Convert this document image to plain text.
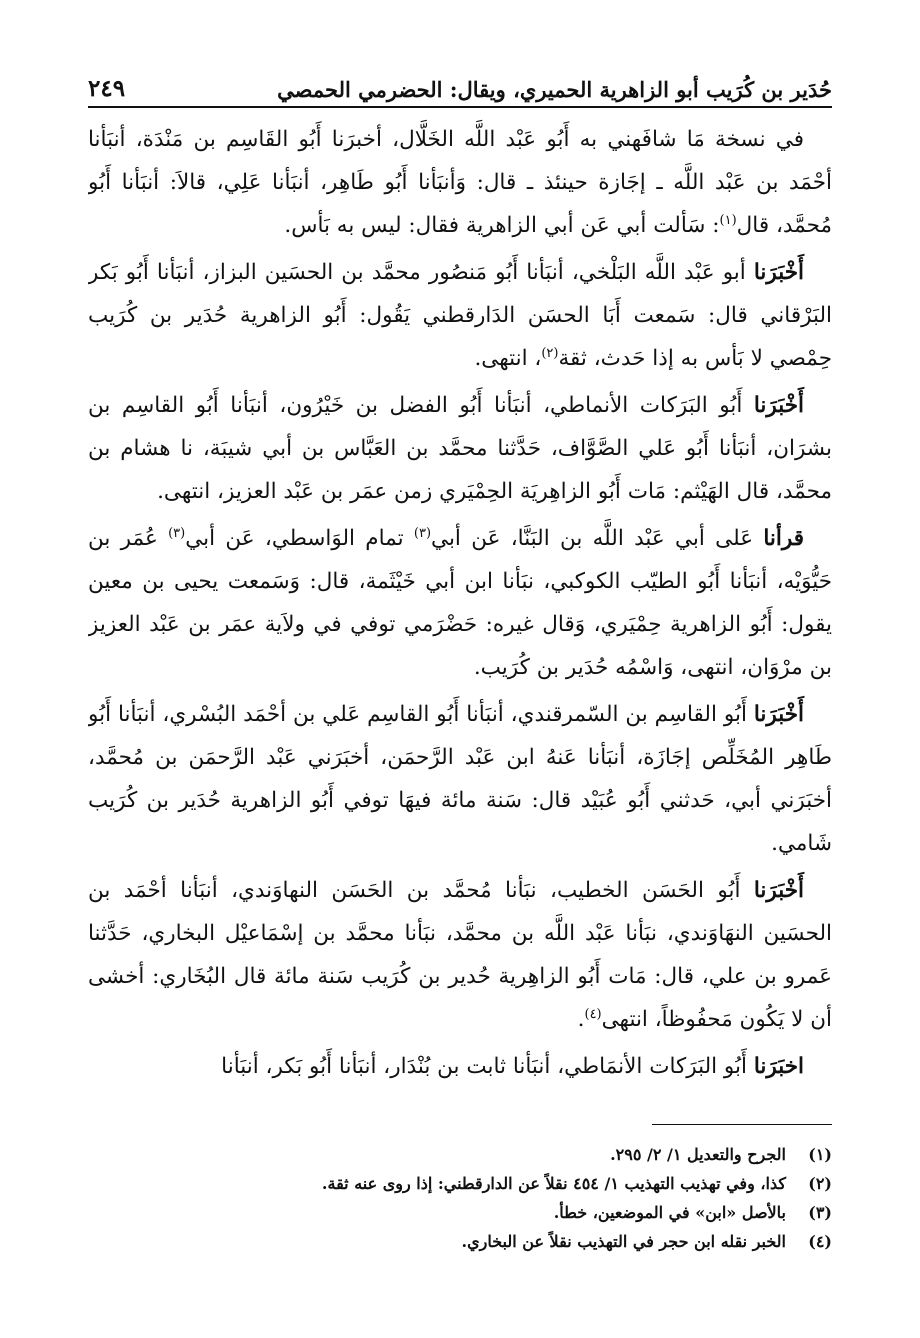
حُدَير بن كُرَيب أبو الزاهرية الحميري، ويقال: الحضرمي الحمصي
٢٤٩

في نسخة مَا شافَهني به أَبُو عَبْد اللَّه الخَلَّال، أخبرَنا أَبُو القَاسِم بن مَنْدَة، أنبَأنا أحْمَد بن عَبْد اللَّه ـ إجَازة حينئذ ـ قال: وَأنبَأنا أَبُو طَاهِر، أنبَأنا عَلِي، قالاَ: أنبَأنا أَبُو مُحمَّد، قال$^{(١)}$: سَألت أبي عَن أبي الزاهرية فقال: ليس به بَأس.

أَخْبَرَنا أبو عَبْد اللَّه البَلْخي، أنبَأنا أَبُو مَنصُور محمَّد بن الحسَين البزاز، أنبَأنا أَبُو بَكر البَرْقاني قال: سَمعت أَبَا الحسَن الدَارقطني يَقُول: أَبُو الزاهرية حُدَير بن كُرَيب حِمْصي لا بَأس به إذا حَدث، ثقة$^{(٢)}$، انتهى.

أَخْبَرَنا أَبُو البَرَكات الأنماطي، أنبَأنا أَبُو الفضل بن خَيْرُون، أنبَأنا أَبُو القاسِم بن بشرَان، أنبَأنا أَبُو عَلي الصَّوَّاف، حَدَّثنا محمَّد بن العَبَّاس بن أبي شيبَة، نا هشام بن محمَّد، قال الهَيْثم: مَات أَبُو الزاهِريَة الحِمْيَري زمن عمَر بن عَبْد العزيز، انتهى.

قرأنا عَلى أبي عَبْد اللَّه بن البَنَّا، عَن أبي$^{(٣)}$ تمام الوَاسطي، عَن أبي$^{(٣)}$ عُمَر بن حَيُّوَيْه، أنبَأنا أَبُو الطيّب الكوكبي، نبَأنا ابن أبي خَيْثَمة، قال: وَسَمعت يحيى بن معين يقول: أَبُو الزاهرية حِمْيَري، وَقال غيره: حَضْرَمي توفي في ولاَية عمَر بن عَبْد العزيز بن مرْوَان، انتهى، وَاسْمُه حُدَير بن كُرَيب.

أَخْبَرَنا أَبُو القاسِم بن السّمرقندي، أنبَأنا أَبُو القاسِم عَلي بن أحْمَد البُسْري، أنبَأنا أَبُو طَاهِر المُخَلِّص إجَازَة، أنبَأنا عَنهُ ابن عَبْد الرَّحمَن، أخبَرَني عَبْد الرَّحمَن بن مُحمَّد، أخبَرَني أبي، حَدثني أَبُو عُبَيْد قال: سَنة مائة فيهَا توفي أَبُو الزاهرية حُدَير بن كُرَيب شَامي.

أَخْبَرَنا أَبُو الحَسَن الخطيب، نبَأنا مُحمَّد بن الحَسَن النهاوَندي، أنبَأنا أحْمَد بن الحسَين النهَاوَندي، نبَأنا عَبْد اللَّه بن محمَّد، نبَأنا محمَّد بن إسْمَاعيْل البخاري، حَدَّثنا عَمرو بن علي، قال: مَات أَبُو الزاهِرية حُدير بن كُرَيب سَنة مائة قال البُخَاري: أخشى أن لا يَكُون مَحفُوظاً، انتهى$^{(٤)}$.

اخبَرَنا أَبُو البَرَكات الأنمَاطي، أنبَأنا ثابت بن بُنْدَار، أنبَأنا أَبُو بَكر، أنبَأنا

(١)
الجرح والتعديل ١/ ٢/ ٢٩٥.
(٢)
كذا، وفي تهذيب التهذيب ١/ ٤٥٤ نقلاً عن الدارقطني: إذا روى عنه ثقة.
(٣)
بالأصل «ابن» في الموضعين، خطأ.
(٤)
الخبر نقله ابن حجر في التهذيب نقلاً عن البخاري.
